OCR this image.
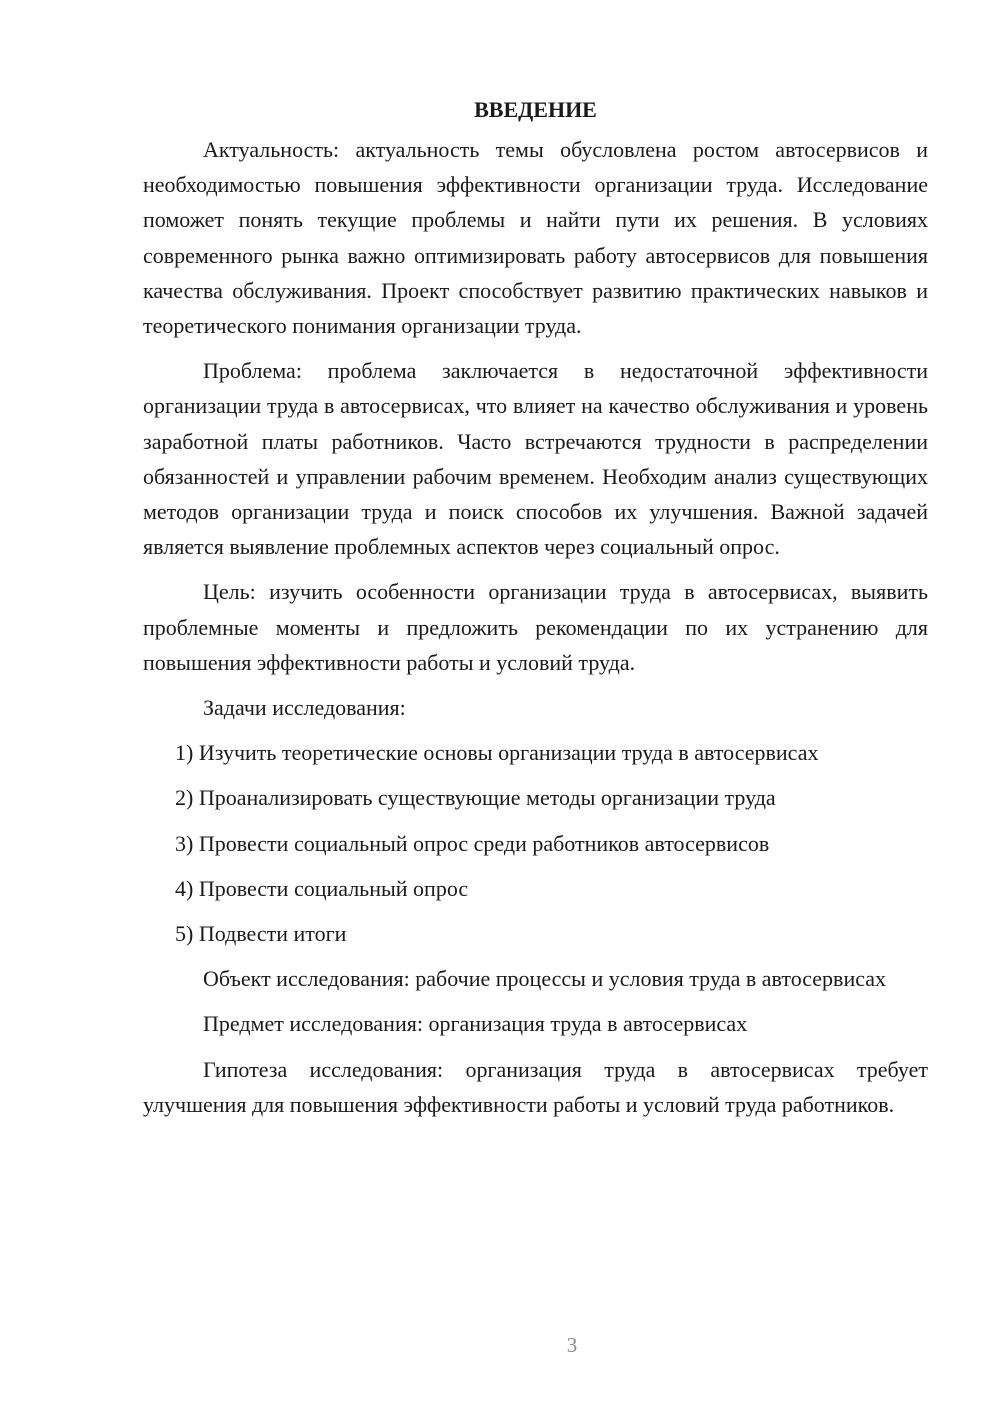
ВВЕДЕНИЕ

Актуальность: актуальность темы обусловлена ростом автосервисов и необходимостью повышения эффективности организации труда. Исследование поможет понять текущие проблемы и найти пути их решения. В условиях современного рынка важно оптимизировать работу автосервисов для повышения качества обслуживания. Проект способствует развитию практических навыков и теоретического понимания организации труда.

Проблема: проблема заключается в недостаточной эффективности организации труда в автосервисах, что влияет на качество обслуживания и уровень заработной платы работников. Часто встречаются трудности в распределении обязанностей и управлении рабочим временем. Необходим анализ существующих методов организации труда и поиск способов их улучшения. Важной задачей является выявление проблемных аспектов через социальный опрос.

Цель: изучить особенности организации труда в автосервисах, выявить проблемные моменты и предложить рекомендации по их устранению для повышения эффективности работы и условий труда.

Задачи исследования:

1) Изучить теоретические основы организации труда в автосервисах
2) Проанализировать существующие методы организации труда
3) Провести социальный опрос среди работников автосервисов
4) Провести социальный опрос
5) Подвести итоги

Объект исследования: рабочие процессы и условия труда в автосервисах

Предмет исследования: организация труда в автосервисах

Гипотеза исследования: организация труда в автосервисах требует улучшения для повышения эффективности работы и условий труда работников.

3
